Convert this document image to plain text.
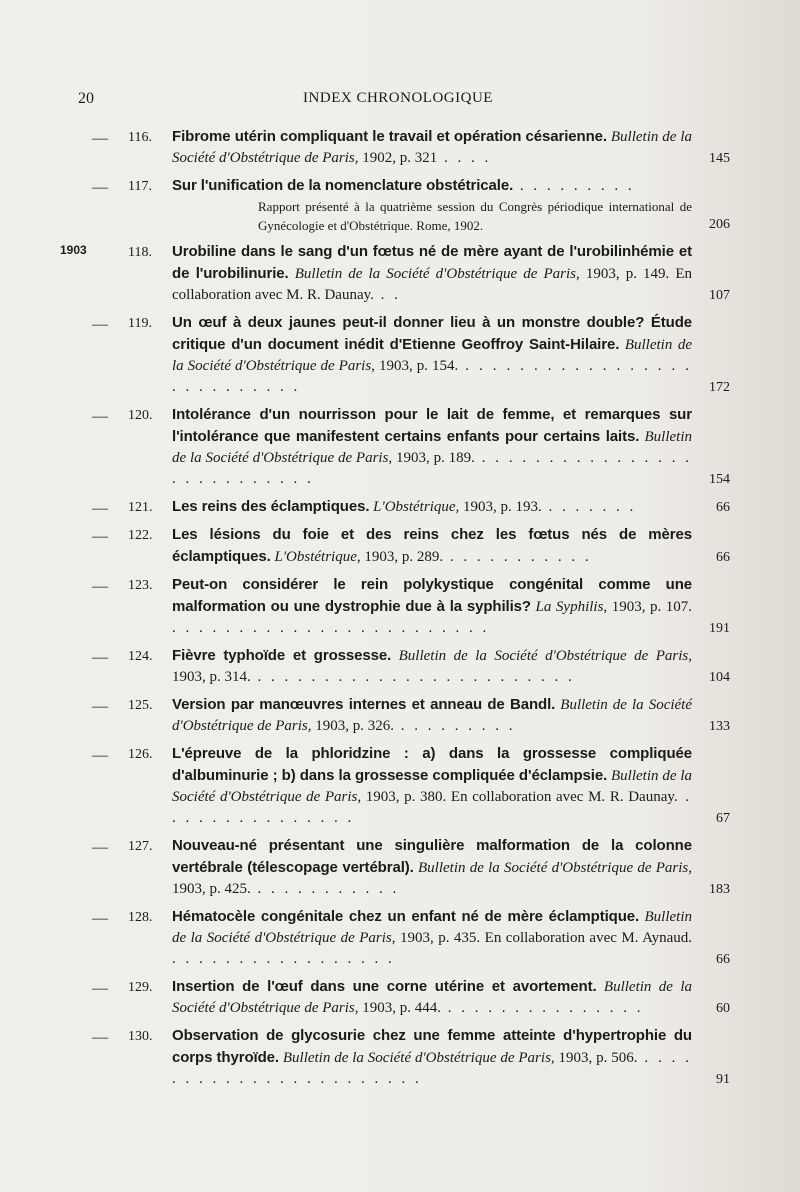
20	INDEX CHRONOLOGIQUE
— 116. Fibrome utérin compliquant le travail et opération césarienne. Bulletin de la Société d'Obstétrique de Paris, 1902, p. 321 . . . .	145
— 117. Sur l'unification de la nomenclature obstétricale. . . . . . . . . .
Rapport présenté à la quatrième session du Congrès périodique international de Gynécologie et d'Obstétrique. Rome, 1902.	206
1903	118. Urobiline dans le sang d'un fœtus né de mère ayant de l'urobilinhémie et de l'urobilinurie. Bulletin de la Société d'Obstétrique de Paris, 1903, p. 149. En collaboration avec M. R. Daunay. . .	107
— 119. Un œuf à deux jaunes peut-il donner lieu à un monstre double? Étude critique d'un document inédit d'Etienne Geoffroy Saint-Hilaire. Bulletin de la Société d'Obstétrique de Paris, 1903, p. 154. . . . . . . . . . . . . . . . . . . . . . . . . . . .	172
— 120. Intolérance d'un nourrisson pour le lait de femme, et remarques sur l'intolérance que manifestent certains enfants pour certains laits. Bulletin de la Société d'Obstétrique de Paris, 1903, p. 189. . . . . . . . . . . . . . . . . . . . . . . . . . . .	154
— 121. Les reins des éclamptiques. L'Obstétrique, 1903, p. 193. . . . . . . .	66
— 122. Les lésions du foie et des reins chez les fœtus nés de mères éclamptiques. L'Obstétrique, 1903, p. 289. . . . . . . . . . . .	66
— 123. Peut-on considérer le rein polykystique congénital comme une malformation ou une dystrophie due à la syphilis? La Syphilis, 1903, p. 107. . . . . . . . . . . . . . . . . . . . . . . . .	191
— 124. Fièvre typhoïde et grossesse. Bulletin de la Société d'Obstétrique de Paris, 1903, p. 314. . . . . . . . . . . . . . . . . . . . . . . . .	104
— 125. Version par manœuvres internes et anneau de Bandl. Bulletin de la Société d'Obstétrique de Paris, 1903, p. 326. . . . . . . . . .	133
— 126. L'épreuve de la phloridzine : a) dans la grossesse compliquée d'albuminurie ; b) dans la grossesse compliquée d'éclampsie. Bulletin de la Société d'Obstétrique de Paris, 1903, p. 380. En collaboration avec M. R. Daunay. . . . . . . . . . . . . . . .	67
— 127. Nouveau-né présentant une singulière malformation de la colonne vertébrale (télescopage vertébral). Bulletin de la Société d'Obstétrique de Paris, 1903, p. 425. . . . . . . . . . . .	183
— 128. Hématocèle congénitale chez un enfant né de mère éclamptique. Bulletin de la Société d'Obstétrique de Paris, 1903, p. 435. En collaboration avec M. Aynaud. . . . . . . . . . . . . . . . . .	66
— 129. Insertion de l'œuf dans une corne utérine et avortement. Bulletin de la Société d'Obstétrique de Paris, 1903, p. 444. . . . . . . . . . . . . . . .	60
— 130. Observation de glycosurie chez une femme atteinte d'hypertrophie du corps thyroïde. Bulletin de la Société d'Obstétrique de Paris, 1903, p. 506. . . . . . . . . . . . . . . . . . . . . . . .	91
